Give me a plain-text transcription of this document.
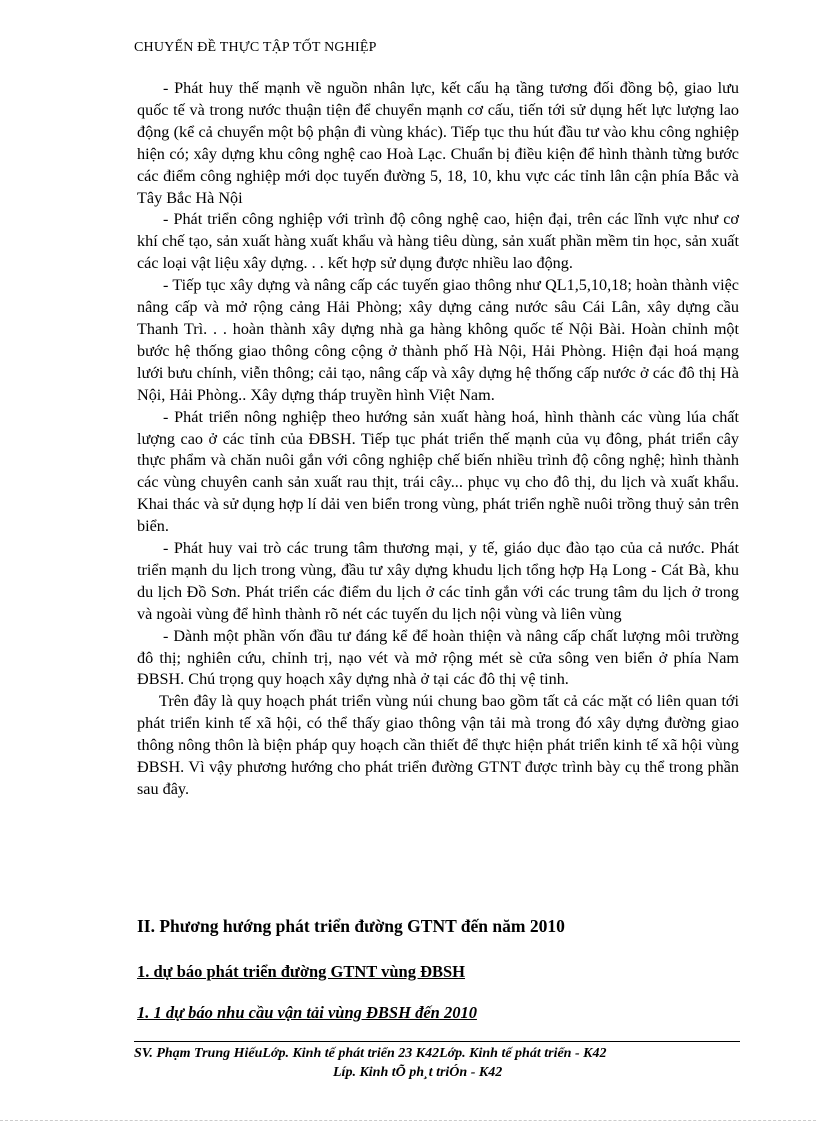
CHUYẾN ĐỀ THỰC TẬP TỐT NGHIỆP

- Phát huy thế mạnh về nguồn nhân lực, kết cấu hạ tầng tương đối đồng bộ, giao lưu quốc tế và trong nước thuận tiện để chuyển mạnh cơ cấu, tiến tới sử dụng hết lực lượng lao động (kể cả chuyển một bộ phận đi vùng khác). Tiếp tục thu hút đầu tư vào khu công nghiệp hiện có; xây dựng khu công nghệ cao Hoà Lạc. Chuẩn bị điều kiện để hình thành từng bước các điểm công nghiệp mới dọc tuyến đường 5, 18, 10, khu vực các tỉnh lân cận phía Bắc và Tây Bắc Hà Nội

- Phát triển công nghiệp với trình độ công nghệ cao, hiện đại, trên các lĩnh vực như cơ khí chế tạo, sản xuất hàng xuất khẩu và hàng tiêu dùng, sản xuất phần mềm tin học, sản xuất các loại vật liệu xây dựng. . . kết hợp sử dụng được nhiều lao động.

- Tiếp tục xây dựng và nâng cấp các tuyến giao thông như QL1,5,10,18; hoàn thành việc nâng cấp và mở rộng cảng Hải Phòng; xây dựng cảng nước sâu Cái Lân, xây dựng cầu Thanh Trì. . . hoàn thành xây dựng nhà ga hàng không quốc tế Nội Bài. Hoàn chỉnh một bước hệ thống giao thông công cộng ở thành phố Hà Nội, Hải Phòng. Hiện đại hoá mạng lưới bưu chính, viễn thông; cải tạo, nâng cấp và xây dựng hệ thống cấp nước ở các đô thị Hà Nội, Hải Phòng.. Xây dựng tháp truyền hình Việt Nam.

- Phát triển nông nghiệp theo hướng sản xuất hàng hoá, hình thành các vùng lúa chất lượng cao ở các tỉnh của ĐBSH. Tiếp tục phát triển thế mạnh của vụ đông, phát triển cây thực phẩm và chăn nuôi gắn với công nghiệp chế biến nhiều trình độ công nghệ; hình thành các vùng chuyên canh sản xuất rau thịt, trái cây... phục vụ cho đô thị, du lịch và xuất khẩu. Khai thác và sử dụng hợp lí dải ven biển trong vùng, phát triển nghề nuôi trồng thuỷ sản trên biển.

- Phát huy vai trò các trung tâm thương mại, y tế, giáo dục đào tạo của cả nước. Phát triển mạnh du lịch trong vùng, đầu tư xây dựng khudu lịch tổng hợp Hạ Long - Cát Bà, khu du lịch Đồ Sơn. Phát triển các điểm du lịch ở các tỉnh gắn với các trung tâm du lịch ở trong và ngoài vùng để hình thành rõ nét các tuyến du lịch nội vùng và liên vùng

- Dành một phần vốn đầu tư đáng kể để hoàn thiện và nâng cấp chất lượng môi trường đô thị; nghiên cứu, chỉnh trị, nạo vét và mở rộng mét sè cửa sông ven biển ở phía Nam ĐBSH. Chú trọng quy hoạch xây dựng nhà ở tại các đô thị vệ tinh.

Trên đây là quy hoạch phát triển vùng núi chung bao gồm tất cả các mặt có liên quan tới phát triển kinh tế xã hội, có thể thấy giao thông vận tải mà trong đó xây dựng đường giao thông nông thôn là biện pháp quy hoạch cần thiết để thực hiện phát triển kinh tế xã hội vùng ĐBSH. Vì vậy phương hướng cho phát triển đường GTNT được trình bày cụ thể trong phần sau đây.

II. Phương hướng phát triển đường GTNT đến năm 2010
1. dự báo phát triển đường GTNT vùng ĐBSH
1. 1 dự báo nhu cầu vận tải vùng ĐBSH đến 2010
SV. Phạm Trung HiếuLớp. Kinh tế phát triển 23 K42Lớp. Kinh tế phát triển - K42
Líp. Kinh tÕ ph¸t triÓn - K42
